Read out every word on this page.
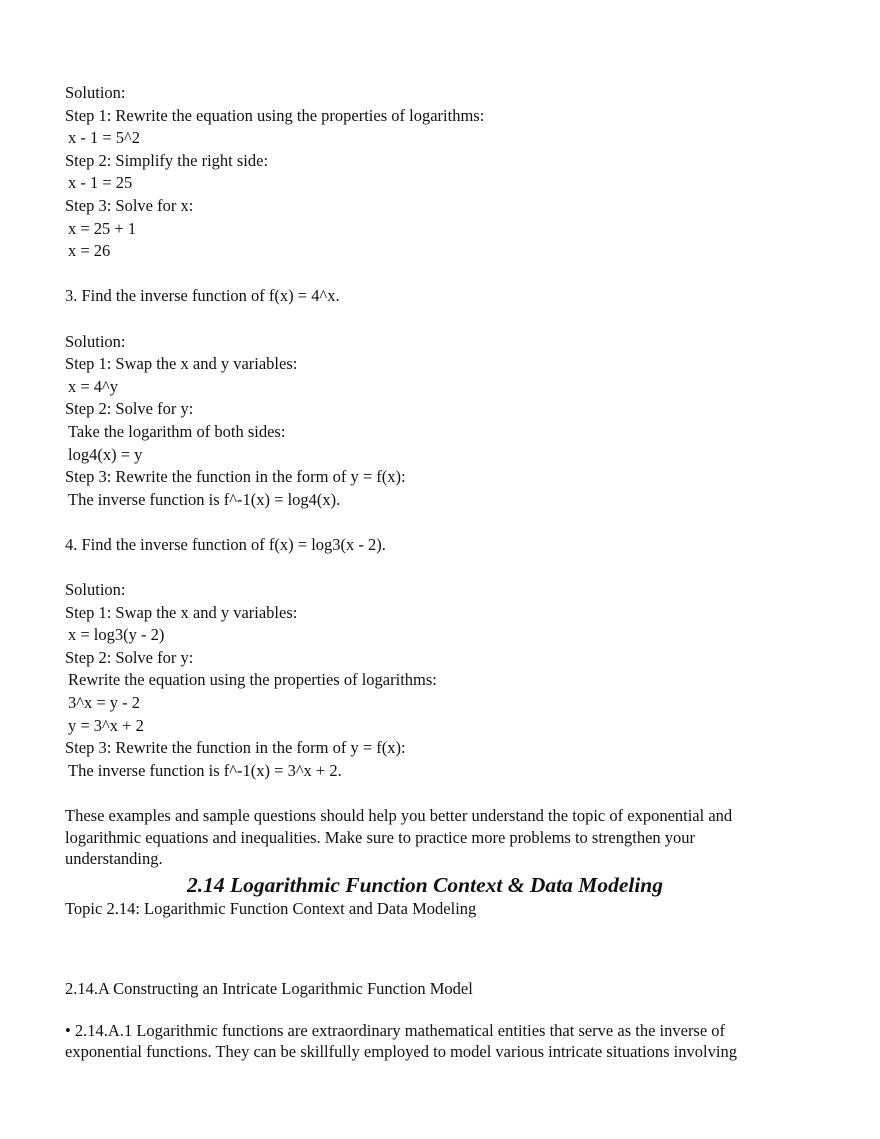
Solution:
Step 1: Rewrite the equation using the properties of logarithms:
x - 1 = 5^2
Step 2: Simplify the right side:
x - 1 = 25
Step 3: Solve for x:
x = 25 + 1
x = 26
3. Find the inverse function of f(x) = 4^x.
Solution:
Step 1: Swap the x and y variables:
x = 4^y
Step 2: Solve for y:
Take the logarithm of both sides:
log4(x) = y
Step 3: Rewrite the function in the form of y = f(x):
The inverse function is f^-1(x) = log4(x).
4. Find the inverse function of f(x) = log3(x - 2).
Solution:
Step 1: Swap the x and y variables:
x = log3(y - 2)
Step 2: Solve for y:
Rewrite the equation using the properties of logarithms:
3^x = y - 2
y = 3^x + 2
Step 3: Rewrite the function in the form of y = f(x):
The inverse function is f^-1(x) = 3^x + 2.

These examples and sample questions should help you better understand the topic of exponential and logarithmic equations and inequalities. Make sure to practice more problems to strengthen your understanding.

2.14 Logarithmic Function Context & Data Modeling
Topic 2.14: Logarithmic Function Context and Data Modeling
2.14.A Constructing an Intricate Logarithmic Function Model

• 2.14.A.1 Logarithmic functions are extraordinary mathematical entities that serve as the inverse of exponential functions. They can be skillfully employed to model various intricate situations involving
